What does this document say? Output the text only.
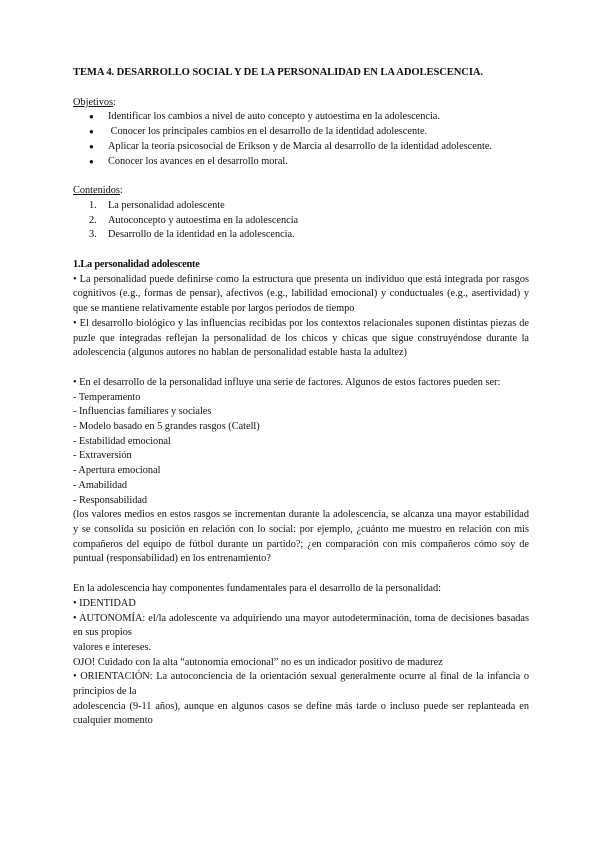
TEMA 4. DESARROLLO SOCIAL Y DE LA PERSONALIDAD EN LA ADOLESCENCIA.
Objetivos:
● Identificar los cambios a nivel de auto concepto y autoestima en la adolescencia.
● Conocer los principales cambios en el desarrollo de la identidad adolescente.
● Aplicar la teoría psicosocial de Erikson y de Marcia al desarrollo de la identidad adolescente.
● Conocer los avances en el desarrollo moral.
Contenidos:
1. La personalidad adolescente
2. Autoconcepto y autoestima en la adolescencia
3. Desarrollo de la identidad en la adolescencia.
1.La personalidad adolescente

• La personalidad puede definirse como la estructura que presenta un individuo que está integrada por rasgos cognitivos (e.g., formas de pensar), afectivos (e.g., labilidad emocional) y conductuales (e.g., asertividad) y que se mantiene relativamente estable por largos periodos de tiempo

• El desarrollo biológico y las influencias recibidas por los contextos relacionales suponen distintas piezas de puzle que integradas reflejan la personalidad de los chicos y chicas que sigue construyéndose durante la adolescencia (algunos autores no hablan de personalidad estable hasta la adultez)

• En el desarrollo de la personalidad influye una serie de factores. Algunos de estos factores pueden ser:

- Temperamento
- Influencias familiares y sociales
- Modelo basado en 5 grandes rasgos (Catell)
- Estabilidad emocional
- Extraversión
- Apertura emocional
- Amabilidad
- Responsabilidad

(los valores medios en estos rasgos se incrementan durante la adolescencia, se alcanza una mayor estabilidad y se consolida su posición en relación con lo social: por ejemplo, ¿cuánto me muestro en relación con mis compañeros del equipo de fútbol durante un partido?; ¿en comparación con mis compañeros cómo soy de puntual (responsabilidad) en los entrenamiento?

En la adolescencia hay componentes fundamentales para el desarrollo de la personalidad:

• IDENTIDAD

• AUTONOMÍA: el/la adolescente va adquiriendo una mayor autodeterminación, toma de decisiones basadas en sus propios

valores e intereses.

OJO! Cuidado con la alta “autonomía emocional” no es un indicador positivo de madurez

• ORIENTACIÓN: La autoconciencia de la orientación sexual generalmente ocurre al final de la infancia o principios de la

adolescencia (9-11 años), aunque en algunos casos se define más tarde o incluso puede ser replanteada en cualquier momento
